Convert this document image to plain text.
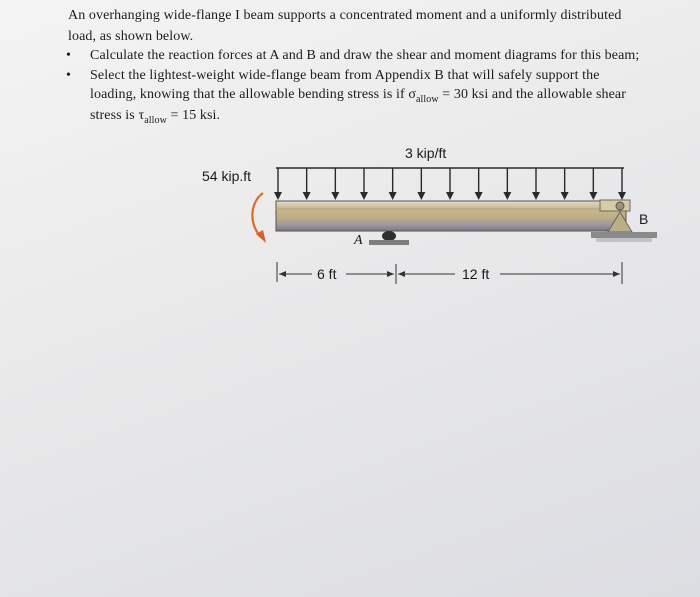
An overhanging wide-flange I beam supports a concentrated moment and a uniformly distributed
load, as shown below.
• Calculate the reaction forces at A and B and draw the shear and moment diagrams for this beam;
• Select the lightest-weight wide-flange beam from Appendix B that will safely support the
loading, knowing that the allowable bending stress is if $\sigma_{allow} = 30$ ksi and the allowable shear
stress is $\tau_{allow} = 15$ ksi.
3 kip/ft
54 kip.ft
A
B
6 ft	12 ft
